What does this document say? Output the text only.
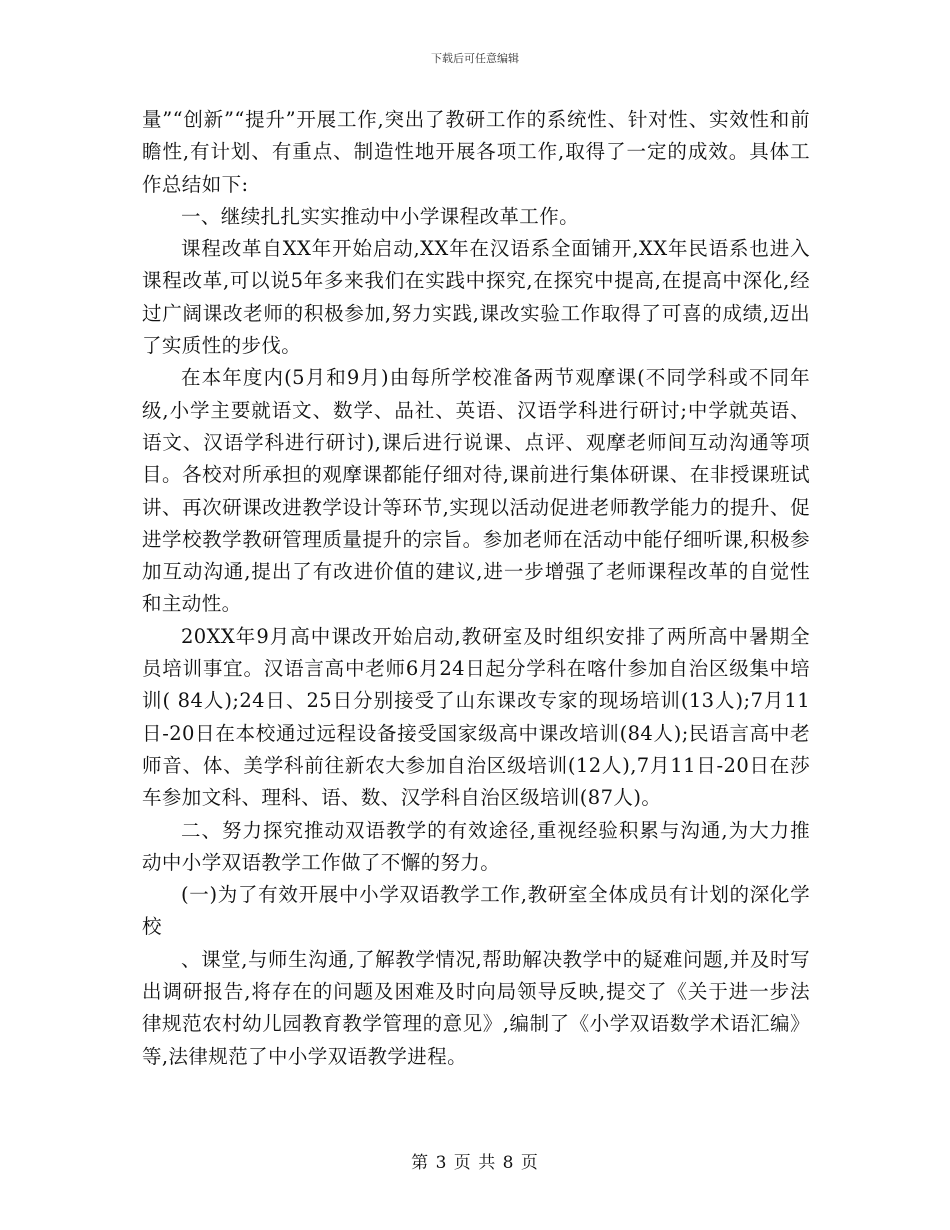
下载后可任意编辑

量”“创新”“提升”开展工作,突出了教研工作的系统性、针对性、实效性和前瞻性,有计划、有重点、制造性地开展各项工作,取得了一定的成效。具体工作总结如下:

一、继续扎扎实实推动中小学课程改革工作。

课程改革自XX年开始启动,XX年在汉语系全面铺开,XX年民语系也进入课程改革,可以说5年多来我们在实践中探究,在探究中提高,在提高中深化,经过广阔课改老师的积极参加,努力实践,课改实验工作取得了可喜的成绩,迈出了实质性的步伐。

在本年度内(5月和9月)由每所学校准备两节观摩课(不同学科或不同年级,小学主要就语文、数学、品社、英语、汉语学科进行研讨;中学就英语、语文、汉语学科进行研讨),课后进行说课、点评、观摩老师间互动沟通等项目。各校对所承担的观摩课都能仔细对待,课前进行集体研课、在非授课班试讲、再次研课改进教学设计等环节,实现以活动促进老师教学能力的提升、促进学校教学教研管理质量提升的宗旨。参加老师在活动中能仔细听课,积极参加互动沟通,提出了有改进价值的建议,进一步增强了老师课程改革的自觉性和主动性。

20XX年9月高中课改开始启动,教研室及时组织安排了两所高中暑期全员培训事宜。汉语言高中老师6月24日起分学科在喀什参加自治区级集中培训( 84人);24日、25日分别接受了山东课改专家的现场培训(13人);7月11日-20日在本校通过远程设备接受国家级高中课改培训(84人);民语言高中老师音、体、美学科前往新农大参加自治区级培训(12人),7月11日-20日在莎车参加文科、理科、语、数、汉学科自治区级培训(87人)。

二、努力探究推动双语教学的有效途径,重视经验积累与沟通,为大力推动中小学双语教学工作做了不懈的努力。

(一)为了有效开展中小学双语教学工作,教研室全体成员有计划的深化学校

、课堂,与师生沟通,了解教学情况,帮助解决教学中的疑难问题,并及时写出调研报告,将存在的问题及困难及时向局领导反映,提交了《关于进一步法律规范农村幼儿园教育教学管理的意见》,编制了《小学双语数学术语汇编》等,法律规范了中小学双语教学进程。

第 3 页 共 8 页
